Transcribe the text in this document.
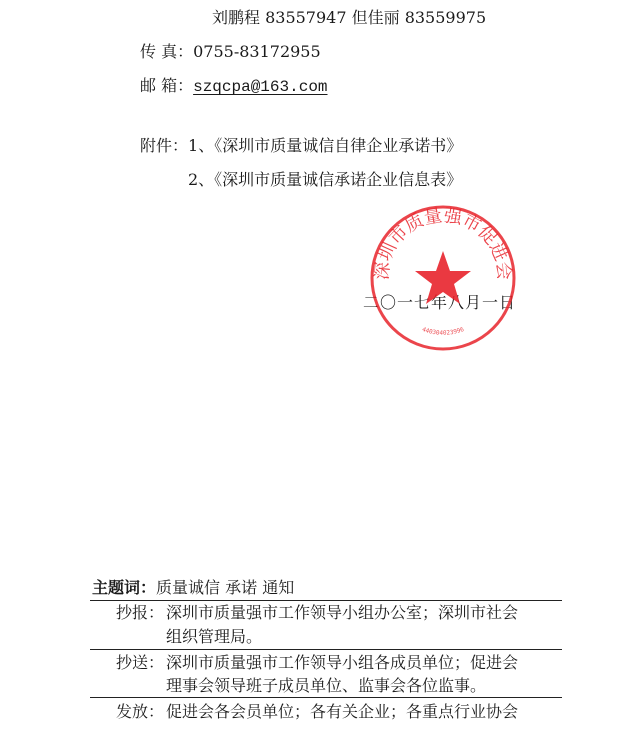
刘鹏程 83557947 但佳丽 83559975
传 真：0755-83172955
邮 箱：szqcpa@163.com
附件：1、《深圳市质量诚信自律企业承诺书》
2、《深圳市质量诚信承诺企业信息表》
二〇一七年八月一日
深圳市质量强市促进会
440304023996
主题词：质量诚信 承诺 通知
抄报： 深圳市质量强市工作领导小组办公室；深圳市社会
组织管理局。
抄送： 深圳市质量强市工作领导小组各成员单位；促进会
理事会领导班子成员单位、监事会各位监事。
发放： 促进会各会员单位；各有关企业；各重点行业协会
